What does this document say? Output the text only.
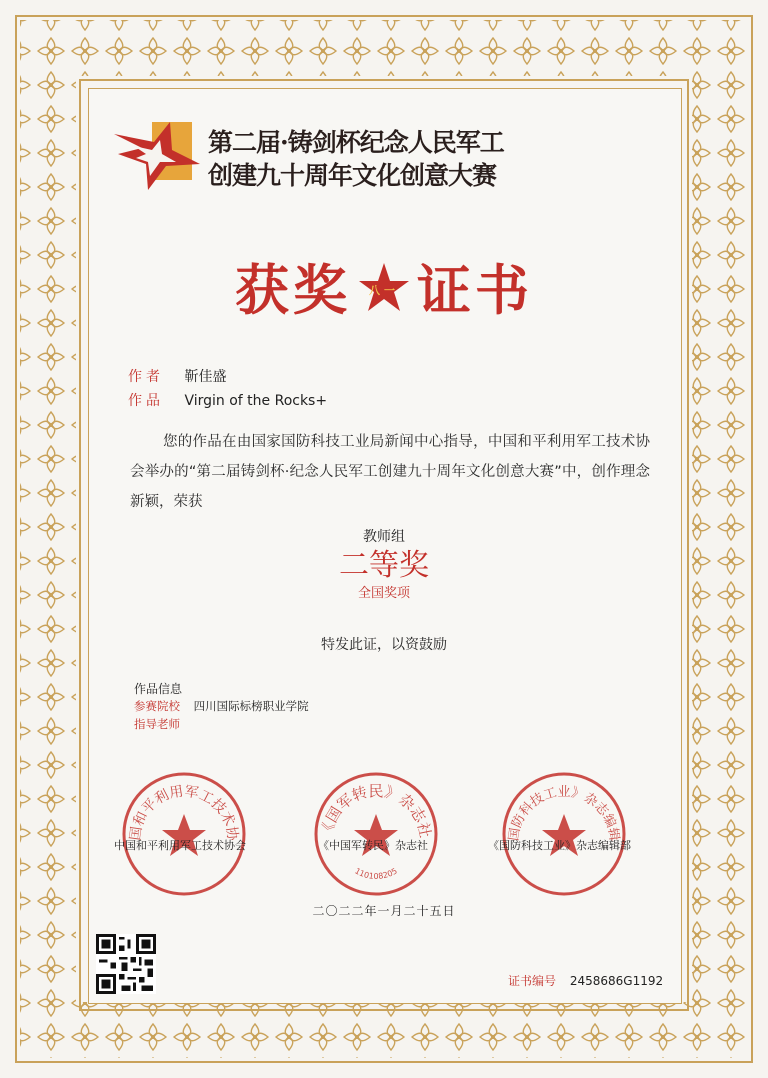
第二届·铸剑杯纪念人民军工
创建九十周年文化创意大赛
获奖 八一 证书
作者 靳佳盛
作品 Virgin of the Rocks+
您的作品在由国家国防科技工业局新闻中心指导，中国和平利用军工技术协会举办的“第二届铸剑杯·纪念人民军工创建九十周年文化创意大赛”中，创作理念新颖，荣获
教师组
二等奖
全国奖项
特发此证，以资鼓励
作品信息
参赛院校 四川国际标榜职业学院
指导老师
国和平利用军工技术协	《国军转民》杂志社
110108205
国防科技工业》杂志编辑
中国和平利用军工技术协会	《中国军转民》杂志社	《国防科技工业》杂志编辑部
二〇二二年一月二十五日
证书编号 2458686G1192
